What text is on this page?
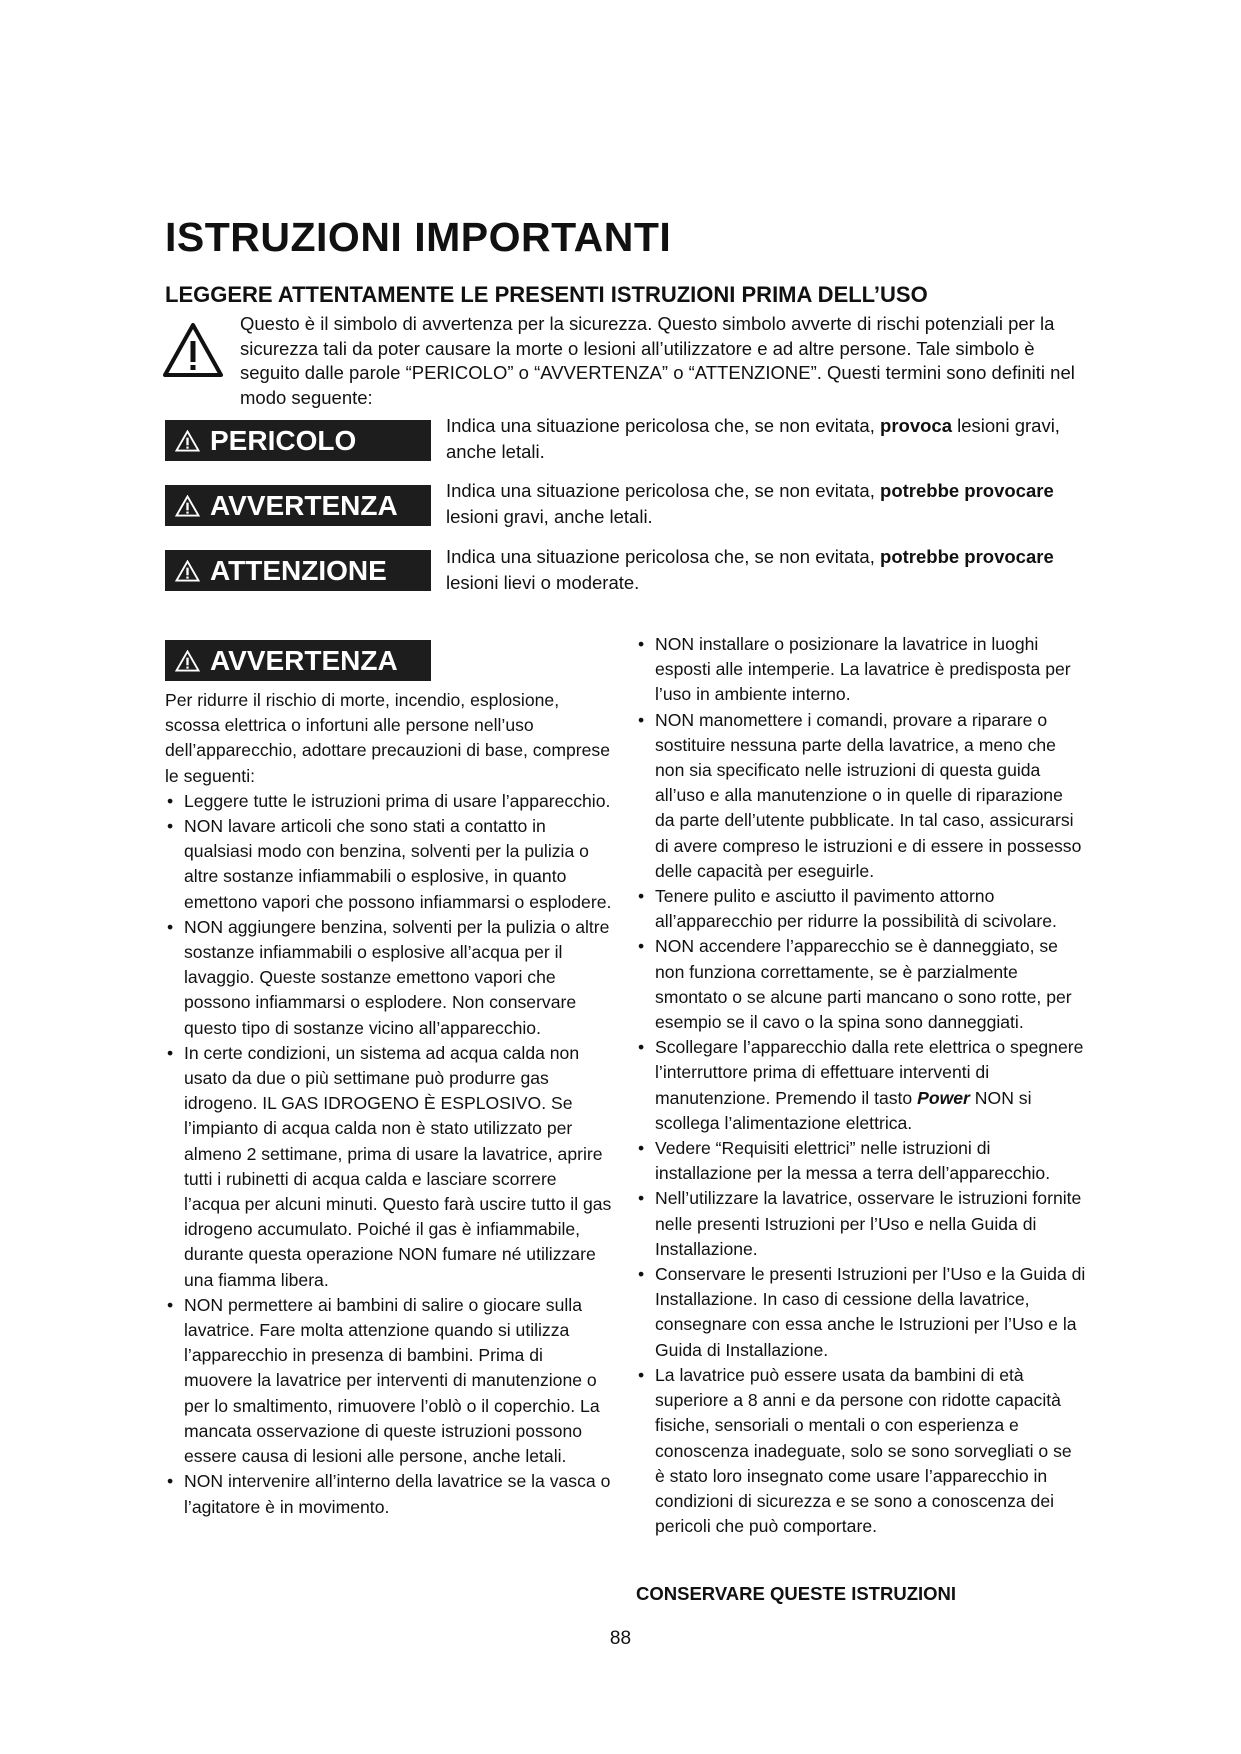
ISTRUZIONI IMPORTANTI
LEGGERE ATTENTAMENTE LE PRESENTI ISTRUZIONI PRIMA DELL’USO
Questo è il simbolo di avvertenza per la sicurezza. Questo simbolo avverte di rischi potenziali per la sicurezza tali da poter causare la morte o lesioni all’utilizzatore e ad altre persone. Tale simbolo è seguito dalle parole “PERICOLO” o “AVVERTENZA” o “ATTENZIONE”. Questi termini sono definiti nel modo seguente:
PERICOLO	Indica una situazione pericolosa che, se non evitata, provoca lesioni gravi, anche letali.
AVVERTENZA	Indica una situazione pericolosa che, se non evitata, potrebbe provocare lesioni gravi, anche letali.
ATTENZIONE	Indica una situazione pericolosa che, se non evitata, potrebbe provocare lesioni lievi o moderate.
AVVERTENZA

Per ridurre il rischio di morte, incendio, esplosione, scossa elettrica o infortuni alle persone nell’uso dell’apparecchio, adottare precauzioni di base, comprese le seguenti:

• Leggere tutte le istruzioni prima di usare l’apparecchio.
• NON lavare articoli che sono stati a contatto in qualsiasi modo con benzina, solventi per la pulizia o altre sostanze infiammabili o esplosive, in quanto emettono vapori che possono infiammarsi o esplodere.
• NON aggiungere benzina, solventi per la pulizia o altre sostanze infiammabili o esplosive all’acqua per il lavaggio. Queste sostanze emettono vapori che possono infiammarsi o esplodere. Non conservare questo tipo di sostanze vicino all’apparecchio.
• In certe condizioni, un sistema ad acqua calda non usato da due o più settimane può produrre gas idrogeno. IL GAS IDROGENO È ESPLOSIVO. Se l’impianto di acqua calda non è stato utilizzato per almeno 2 settimane, prima di usare la lavatrice, aprire tutti i rubinetti di acqua calda e lasciare scorrere l’acqua per alcuni minuti. Questo farà uscire tutto il gas idrogeno accumulato. Poiché il gas è infiammabile, durante questa operazione NON fumare né utilizzare una fiamma libera.
• NON permettere ai bambini di salire o giocare sulla lavatrice. Fare molta attenzione quando si utilizza l’apparecchio in presenza di bambini. Prima di muovere la lavatrice per interventi di manutenzione o per lo smaltimento, rimuovere l’oblò o il coperchio. La mancata osservazione di queste istruzioni possono essere causa di lesioni alle persone, anche letali.
• NON intervenire all’interno della lavatrice se la vasca o l’agitatore è in movimento.
• NON installare o posizionare la lavatrice in luoghi esposti alle intemperie. La lavatrice è predisposta per l’uso in ambiente interno.
• NON manomettere i comandi, provare a riparare o sostituire nessuna parte della lavatrice, a meno che non sia specificato nelle istruzioni di questa guida all’uso e alla manutenzione o in quelle di riparazione da parte dell’utente pubblicate. In tal caso, assicurarsi di avere compreso le istruzioni e di essere in possesso delle capacità per eseguirle.
• Tenere pulito e asciutto il pavimento attorno all’apparecchio per ridurre la possibilità di scivolare.
• NON accendere l’apparecchio se è danneggiato, se non funziona correttamente, se è parzialmente smontato o se alcune parti mancano o sono rotte, per esempio se il cavo o la spina sono danneggiati.
• Scollegare l’apparecchio dalla rete elettrica o spegnere l’interruttore prima di effettuare interventi di manutenzione. Premendo il tasto Power NON si scollega l’alimentazione elettrica.
• Vedere “Requisiti elettrici” nelle istruzioni di installazione per la messa a terra dell’apparecchio.
• Nell’utilizzare la lavatrice, osservare le istruzioni fornite nelle presenti Istruzioni per l’Uso e nella Guida di Installazione.
• Conservare le presenti Istruzioni per l’Uso e la Guida di Installazione. In caso di cessione della lavatrice, consegnare con essa anche le Istruzioni per l’Uso e la Guida di Installazione.
• La lavatrice può essere usata da bambini di età superiore a 8 anni e da persone con ridotte capacità fisiche, sensoriali o mentali o con esperienza e conoscenza inadeguate, solo se sono sorvegliati o se è stato loro insegnato come usare l’apparecchio in condizioni di sicurezza e se sono a conoscenza dei pericoli che può comportare.
CONSERVARE QUESTE ISTRUZIONI
88
